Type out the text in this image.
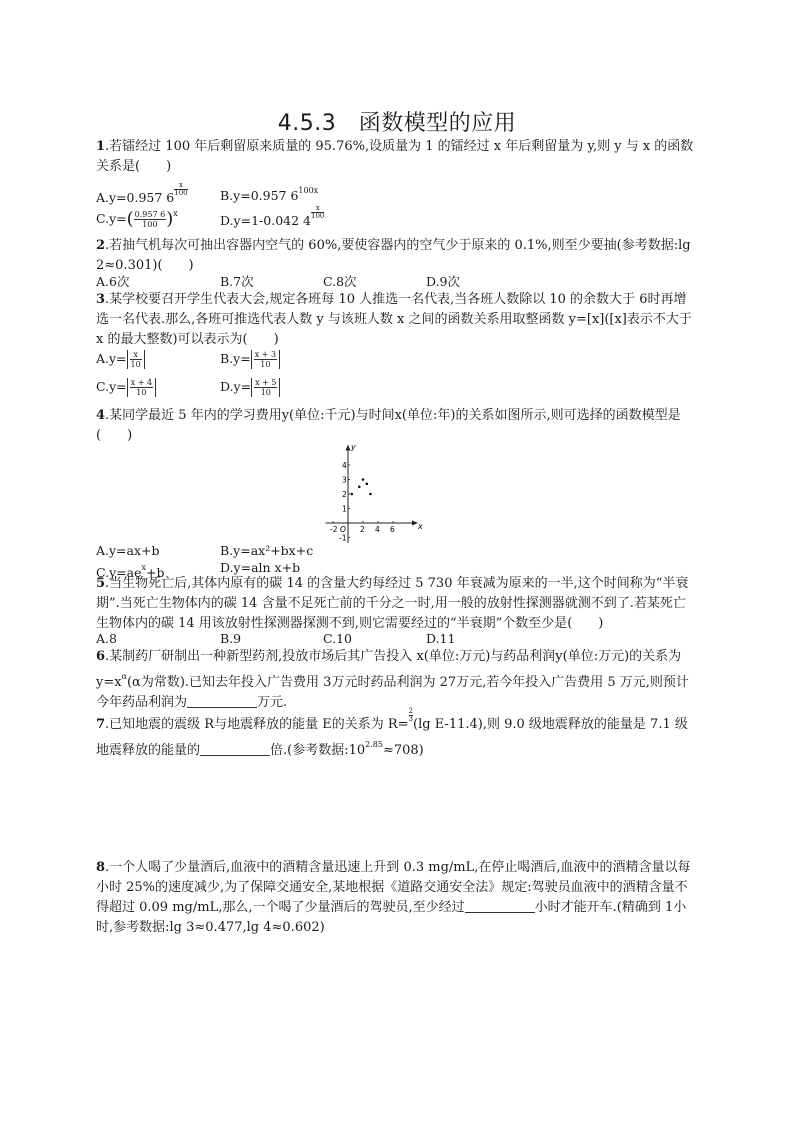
4.5.3　函数模型的应用
1.若镭经过 100 年后剩留原来质量的 95.76%,设质量为 1 的镭经过 x 年后剩留量为 y,则 y 与 x 的函数关系是(　　)
A.y=0.957 6
$\frac{x}{100}$	B.y=0.957 $6^{100x}$
$C.y=( \frac{0.957 6}{100} )^x$	D.y=1-0.042 4
$\frac{x}{100}$
2.若抽气机每次可抽出容器内空气的 60%,要使容器内的空气少于原来的 0.1%,则至少要抽(参考数据:lg 2≈0.301)(　　)
A.6次	B.7次	C.8次	D.9次
3.某学校要召开学生代表大会,规定各班每 10 人推选一名代表,当各班人数除以 10 的余数大于 6时再增选一名代表.那么,各班可推选代表人数 y 与该班人数 x 之间的函数关系用取整函数 y=[x]([x]表示不大于 x 的最大整数)可以表示为(　　)
$A.y= \frac{x}{10}$	$B.y= \frac{x + 3}{10}$
$C.y= \frac{x + 4}{10}$	$D.y= \frac{x + 5}{10}$
4.某同学最近 5 年内的学习费用y(单位:千元)与时间x(单位:年)的关系如图所示,则可选择的函数模型是(　　)
x
y
-2 O 2 4 6
4
3
2
1
-1
A.y=ax+b	B.y=ax²+bx+c
$C.y=ae^x+b$	D.y=aln x+b
5.当生物死亡后,其体内原有的碳 14 的含量大约每经过 5 730 年衰减为原来的一半,这个时间称为“半衰期”.当死亡生物体内的碳 14 含量不足死亡前的千分之一时,用一般的放射性探测器就测不到了.若某死亡生物体内的碳 14 用该放射性探测器探测不到,则它需要经过的“半衰期”个数至少是(　　)
A.8	B.9	C.10	D.11
6.某制药厂研制出一种新型药剂,投放市场后其广告投入 x(单位:万元)与药品利润y(单位:万元)的关系为 $y=x^\alpha(\alpha$为常数).已知去年投入广告费用 3万元时药品利润为 27万元,若今年投入广告费用 5 万元,则预计今年药品利润为	万元.
7.已知地震的震级 R与地震释放的能量 E的关系为 R=
$\frac{2}{3}$
(lg E-11.4),则 9.0 级地震释放的能量是 7.1 级地震释放的能量的	倍.(参考数据$:10^{2.85}\approx 708$)
8.一个人喝了少量酒后,血液中的酒精含量迅速上升到 0.3 mg/mL,在停止喝酒后,血液中的酒精含量以每小时 25%的速度减少,为了保障交通安全,某地根据《道路交通安全法》规定:驾驶员血液中的酒精含量不得超过 0.09 mg/mL,那么,一个喝了少量酒后的驾驶员,至少经过	小时才能开车.(精确到 1小时,参考数据:lg 3≈0.477,lg 4≈0.602)
